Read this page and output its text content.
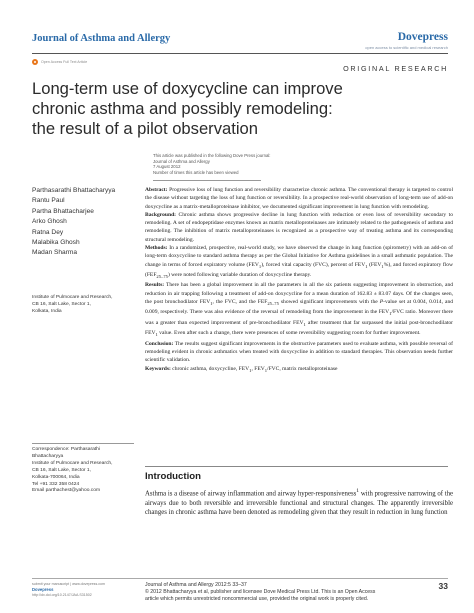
Journal of Asthma and Allergy	Dovepress
open access to scientific and medical research
Open Access Full Text Article
ORIGINAL RESEARCH
Long-term use of doxycycline can improve
chronic asthma and possibly remodeling:
the result of a pilot observation
This article was published in the following Dove Press journal:
Journal of Asthma and Allergy
7 August 2012
Number of times this article has been viewed
Parthasarathi Bhattacharyya
Rantu Paul
Partha Bhattacharjee
Arko Ghosh
Ratna Dey
Malabika Ghosh
Madan Sharma
Institute of Pulmocare and Research,
CB 16, Salt Lake, Sector 1,
Kolkata, India

Abstract: Progressive loss of lung function and reversibility characterize chronic asthma. The conventional therapy is targeted to control the disease without targeting the loss of lung function or reversibility. In a prospective real-world observation of long-term use of add-on doxycycline as a matrix-metalloproteinase inhibitor, we documented significant improvement in lung function with remodeling.

Background: Chronic asthma shows progressive decline in lung function with reduction or even loss of reversibility secondary to remodeling. A set of endopeptidase enzymes known as matrix metalloproteinases are intimately related to the pathogenesis of asthma and remodeling. The inhibition of matrix metalloproteinases is recognized as a prospective way of treating asthma and its corresponding structural remodeling.

Methods: In a randomized, prospective, real-world study, we have observed the change in lung function (spirometry) with an add-on of long-term doxycycline to standard asthma therapy as per the Global Initiative for Asthma guidelines in a small asthmatic population. The change in terms of forced expiratory volume $(FEV_1)$, forced vital capacity (FVC), percent of $FEV_1$ $(FEV_1\%)$, and forced expiratory flow $(FEF_{25-75})$ were noted following variable duration of doxycycline therapy.

Results: There has been a global improvement in all the parameters in all the six patients suggesting improvement in obstruction, and reduction in air trapping following a treatment of add-on doxycycline for a mean duration of 162.83 ± 83.07 days. Of the changes seen, the post bronchodilator $FEV_1$, the FVC, and the $FEF_{25-75}$ showed significant improvements with the P-value set at 0.004, 0.014, and 0.009, respectively. There was also evidence of the reversal of remodeling from the improvement in the $FEV_1$/FVC ratio. Moreover there was a greater than expected improvement of pre-bronchodilator $FEV_1$ after treatment that far surpassed the initial post-bronchodilator $FEV_1$ value. Even after such a change, there were presences of some reversibility suggesting room for further improvement.

Conclusion: The results suggest significant improvements in the obstructive parameters used to evaluate asthma, with possible reversal of remodeling evident in chronic asthmatics when treated with doxycycline in addition to standard therapies. This observation needs further scientific validation.

Keywords: chronic asthma, doxycycline, $FEV_1$, $FEV_1$/FVC, matrix metalloproteinase

Correspondence: Parthasarathi
Bhattacharyya
Institute of Pulmocare and Research,
CB 16, Salt Lake, Sector 1,
Kolkata-700064, India
Tel +91 332 358 0424
Email parthachest@yahoo.com
Introduction
Asthma is a disease of airway inflammation and airway hyper-responsiveness$^1$ with progressive narrowing of the airways due to both reversible and irreversible functional and structural changes. The apparently irreversible changes in chronic asthma have been denoted as remodeling given that they result in reduction in lung function
submit your manuscript | www.dovepress.com
Dovepress
http://dx.doi.org/10.2147/JAA.S31502
Journal of Asthma and Allergy 2012:5 33–37
© 2012 Bhattacharyya et al, publisher and licensee Dove Medical Press Ltd. This is an Open Access
article which permits unrestricted noncommercial use, provided the original work is properly cited.
33
